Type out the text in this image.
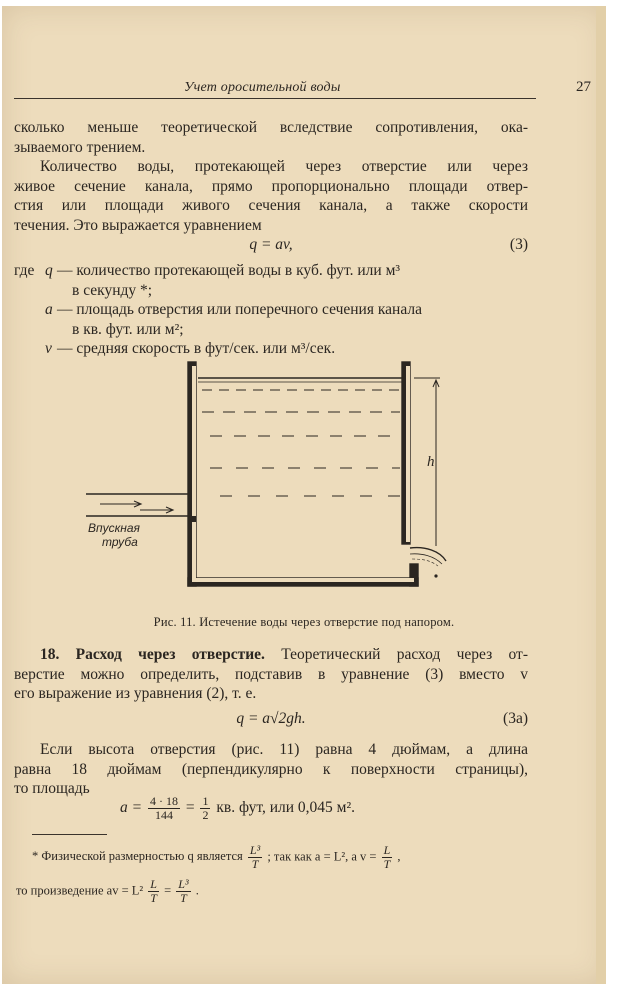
Учет оросительной воды	27
сколько меньше теоретической вследствие сопротивления, ока-
зываемого трением.
Количество воды, протекающей через отверстие или через
живое сечение канала, прямо пропорционально площади отвер-
стия или площади живого сечения канала, а также скорости
течения. Это выражается уравнением
q = av,	(3)
где q — количество протекающей воды в куб. фут. или м³
в секунду *;
a — площадь отверстия или поперечного сечения канала
в кв. фут. или м²;
v — средняя скорость в фут/сек. или м³/сек.
h
Впускная
труба
Рис. 11. Истечение воды через отверстие под напором.
18. Расход через отверстие. Теоретический расход через от-
верстие можно определить, подставив в уравнение (3) вместо v
его выражение из уравнения (2), т. е.
q = a√2gh.	(3а)
Если высота отверстия (рис. 11) равна 4 дюймам, а длина
равна 18 дюймам (перпендикулярно к поверхности страницы),
то площадь
$a = \frac{4 \cdot 18}{144} = \frac{1}{2}$ кв. фут, или 0,045 м².
* Физической размерностью q является $\frac{\text{L³}}{T}$ ; так как a = L², a $v = \frac{L}{T}$ ,
то произведение av = $L^2 \frac{L}{T} = \frac{\text{L³}}{T}$ .
